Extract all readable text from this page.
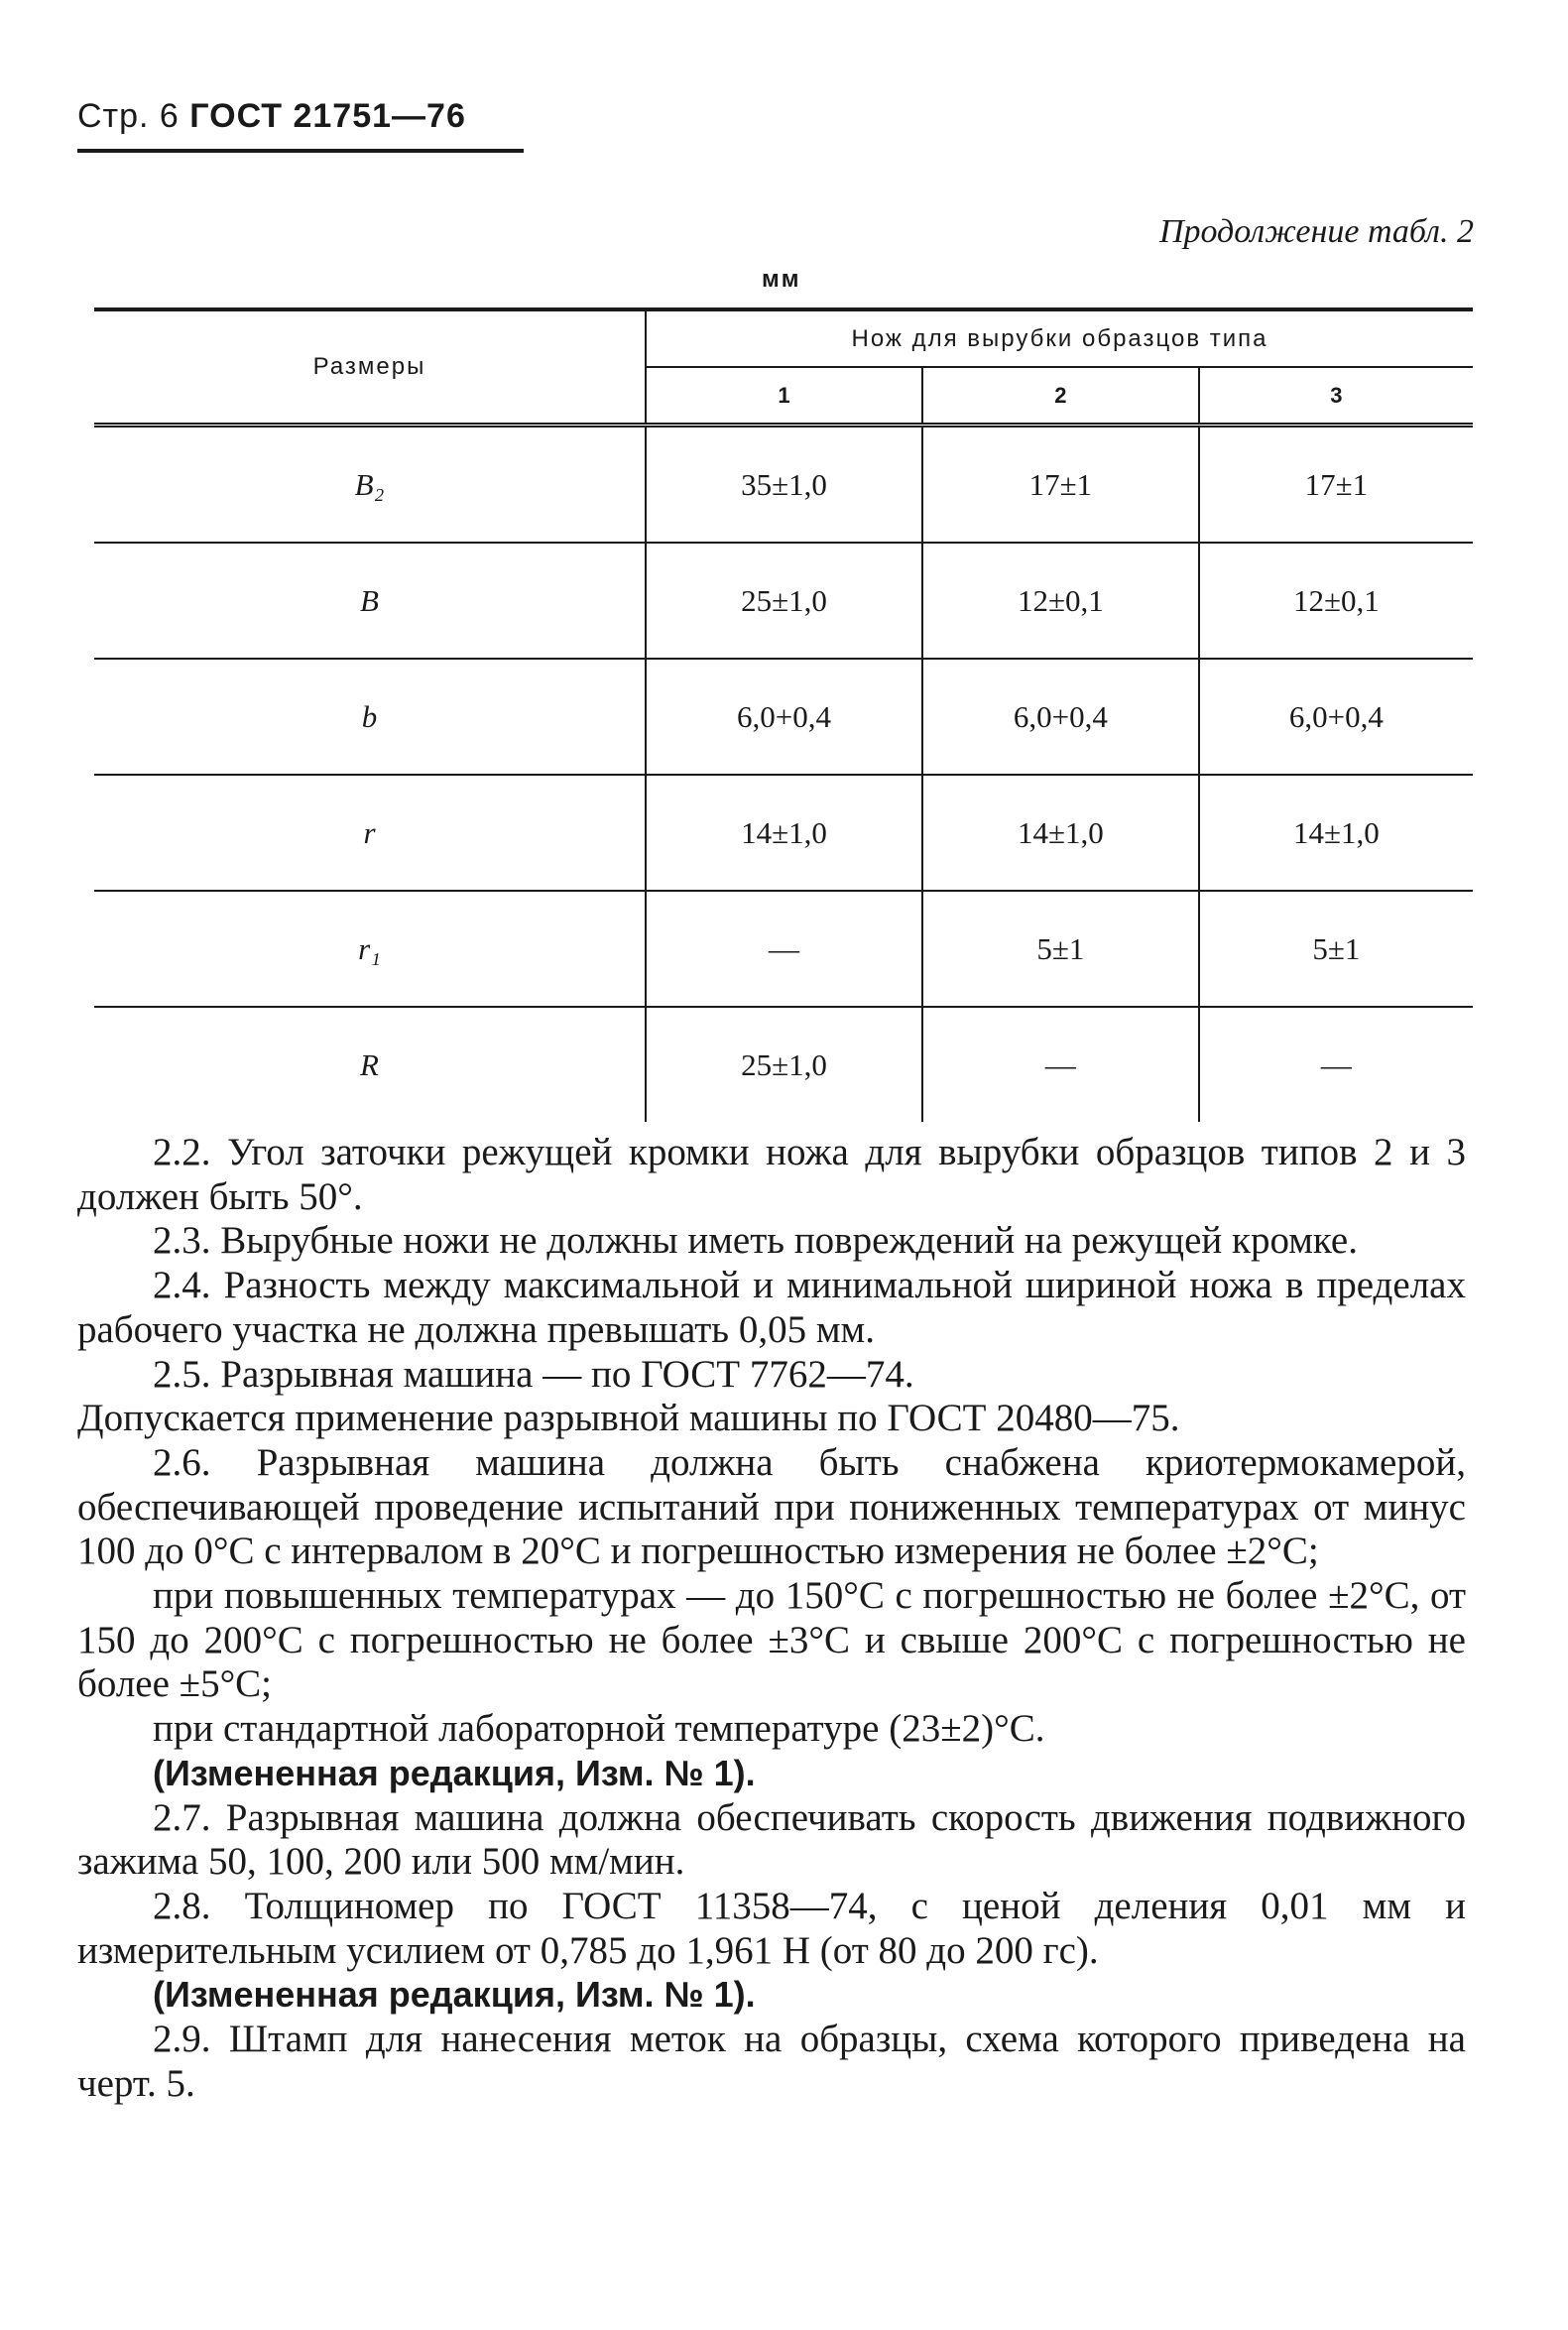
Стр. 6 ГОСТ 21751—76
Продолжение табл. 2
мм
Размеры	Нож для вырубки образцов типа		
	1	2	3
B₂	35±1,0	17±1	17±1
B	25±1,0	12±0,1	12±0,1
b	6,0+0,4	6,0+0,4	6,0+0,4
r	14±1,0	14±1,0	14±1,0
r₁	—	5±1	5±1
R	25±1,0	—	—

2.2. Угол заточки режущей кромки ножа для вырубки образцов типов 2 и 3 должен быть 50°.

2.3. Вырубные ножи не должны иметь повреждений на режущей кромке.

2.4. Разность между максимальной и минимальной шириной ножа в пределах рабочего участка не должна превышать 0,05 мм.

2.5. Разрывная машина — по ГОСТ 7762—74.

Допускается применение разрывной машины по ГОСТ 20480—75.

2.6. Разрывная машина должна быть снабжена криотермокамерой, обеспечивающей проведение испытаний при пониженных температурах от минус 100 до 0°С с интервалом в 20°С и погрешностью измерения не более ±2°С;

при повышенных температурах — до 150°С с погрешностью не более ±2°С, от 150 до 200°С с погрешностью не более ±3°С и свыше 200°С с погрешностью не более ±5°С;

при стандартной лабораторной температуре (23±2)°С.

(Измененная редакция, Изм. № 1).

2.7. Разрывная машина должна обеспечивать скорость движения подвижного зажима 50, 100, 200 или 500 мм/мин.

2.8. Толщиномер по ГОСТ 11358—74, с ценой деления 0,01 мм и измерительным усилием от 0,785 до 1,961 Н (от 80 до 200 гс).

(Измененная редакция, Изм. № 1).

2.9. Штамп для нанесения меток на образцы, схема которого приведена на черт. 5.
